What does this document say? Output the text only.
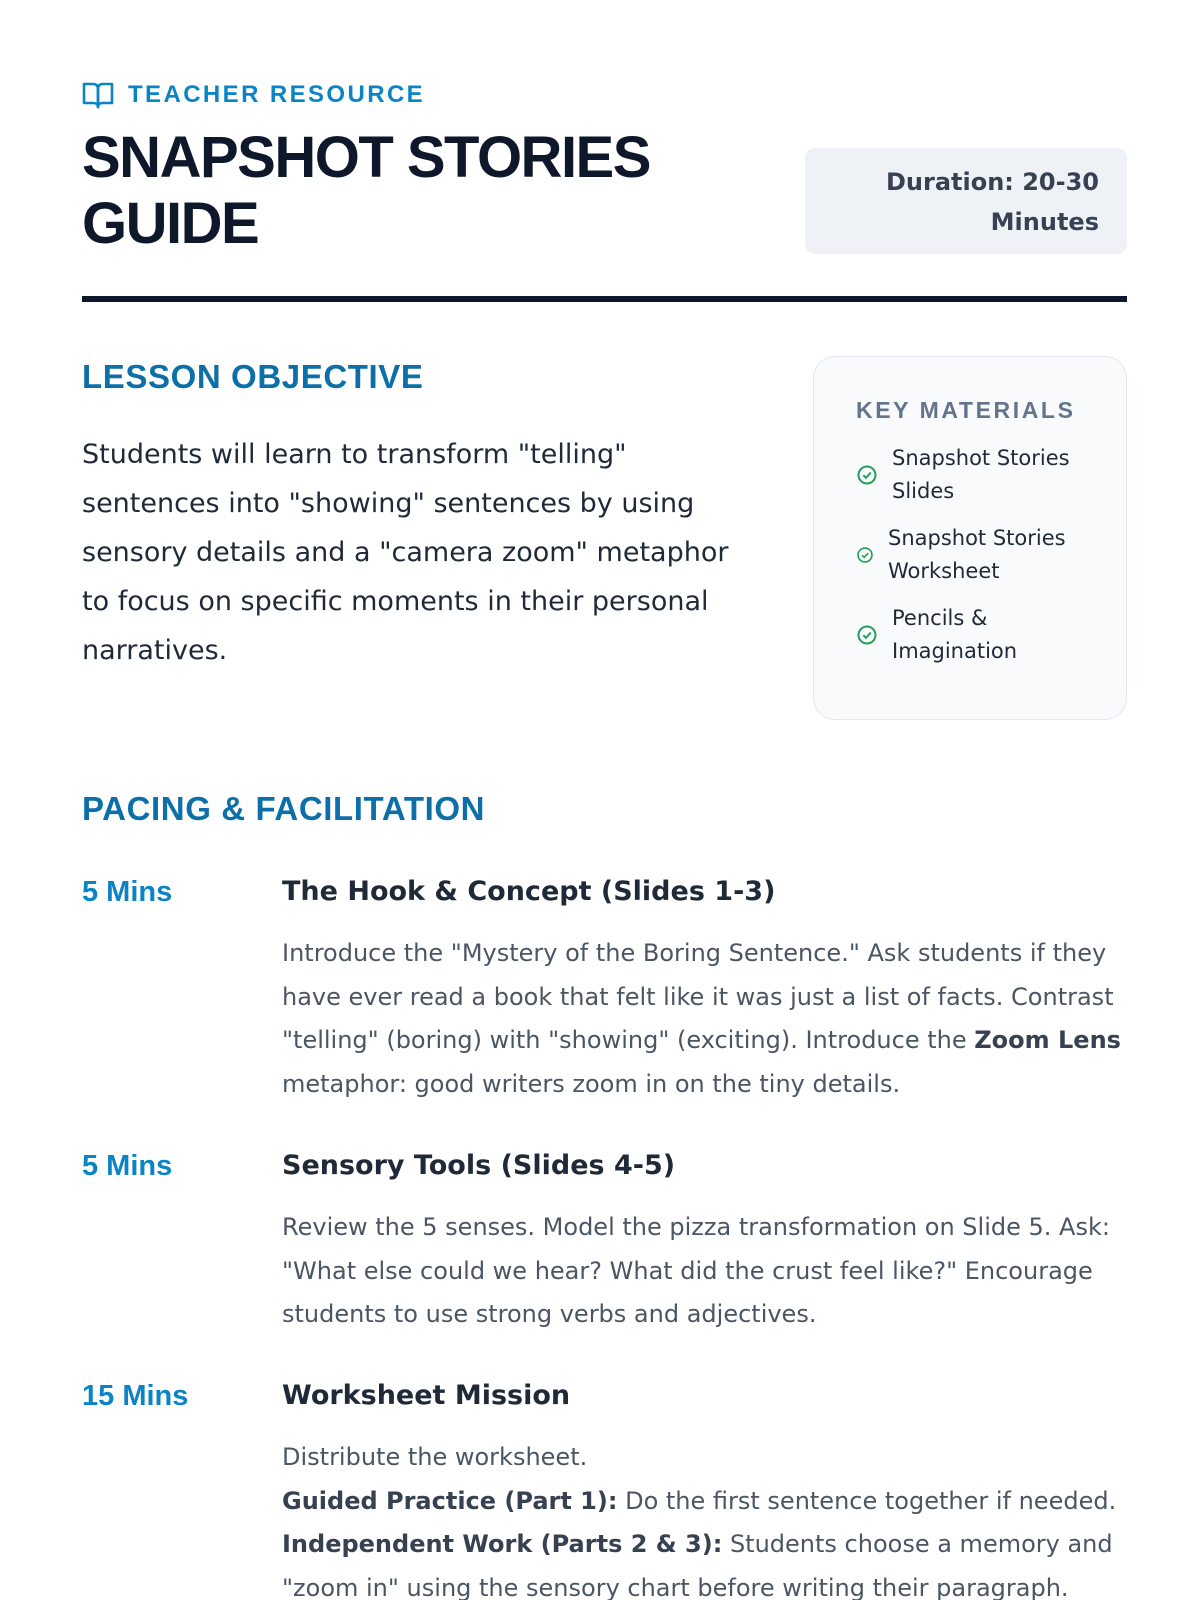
TEACHER RESOURCE
SNAPSHOT STORIES GUIDE
Duration: 20-30 Minutes
LESSON OBJECTIVE

Students will learn to transform "telling" sentences into "showing" sentences by using sensory details and a "camera zoom" metaphor to focus on specific moments in their personal narratives.

KEY MATERIALS
Snapshot Stories Slides
Snapshot Stories Worksheet
Pencils & Imagination
PACING & FACILITATION
5 Mins	The Hook & Concept (Slides 1-3)

Introduce the "Mystery of the Boring Sentence." Ask students if they have ever read a book that felt like it was just a list of facts. Contrast "telling" (boring) with "showing" (exciting). Introduce the Zoom Lens metaphor: good writers zoom in on the tiny details.

5 Mins	Sensory Tools (Slides 4-5)

Review the 5 senses. Model the pizza transformation on Slide 5. Ask: "What else could we hear? What did the crust feel like?" Encourage students to use strong verbs and adjectives.

15 Mins	Worksheet Mission
Distribute the worksheet.
Guided Practice (Part 1): Do the first sentence together if needed.
Independent Work (Parts 2 & 3): Students choose a memory and "zoom in" using the sensory chart before writing their paragraph.
